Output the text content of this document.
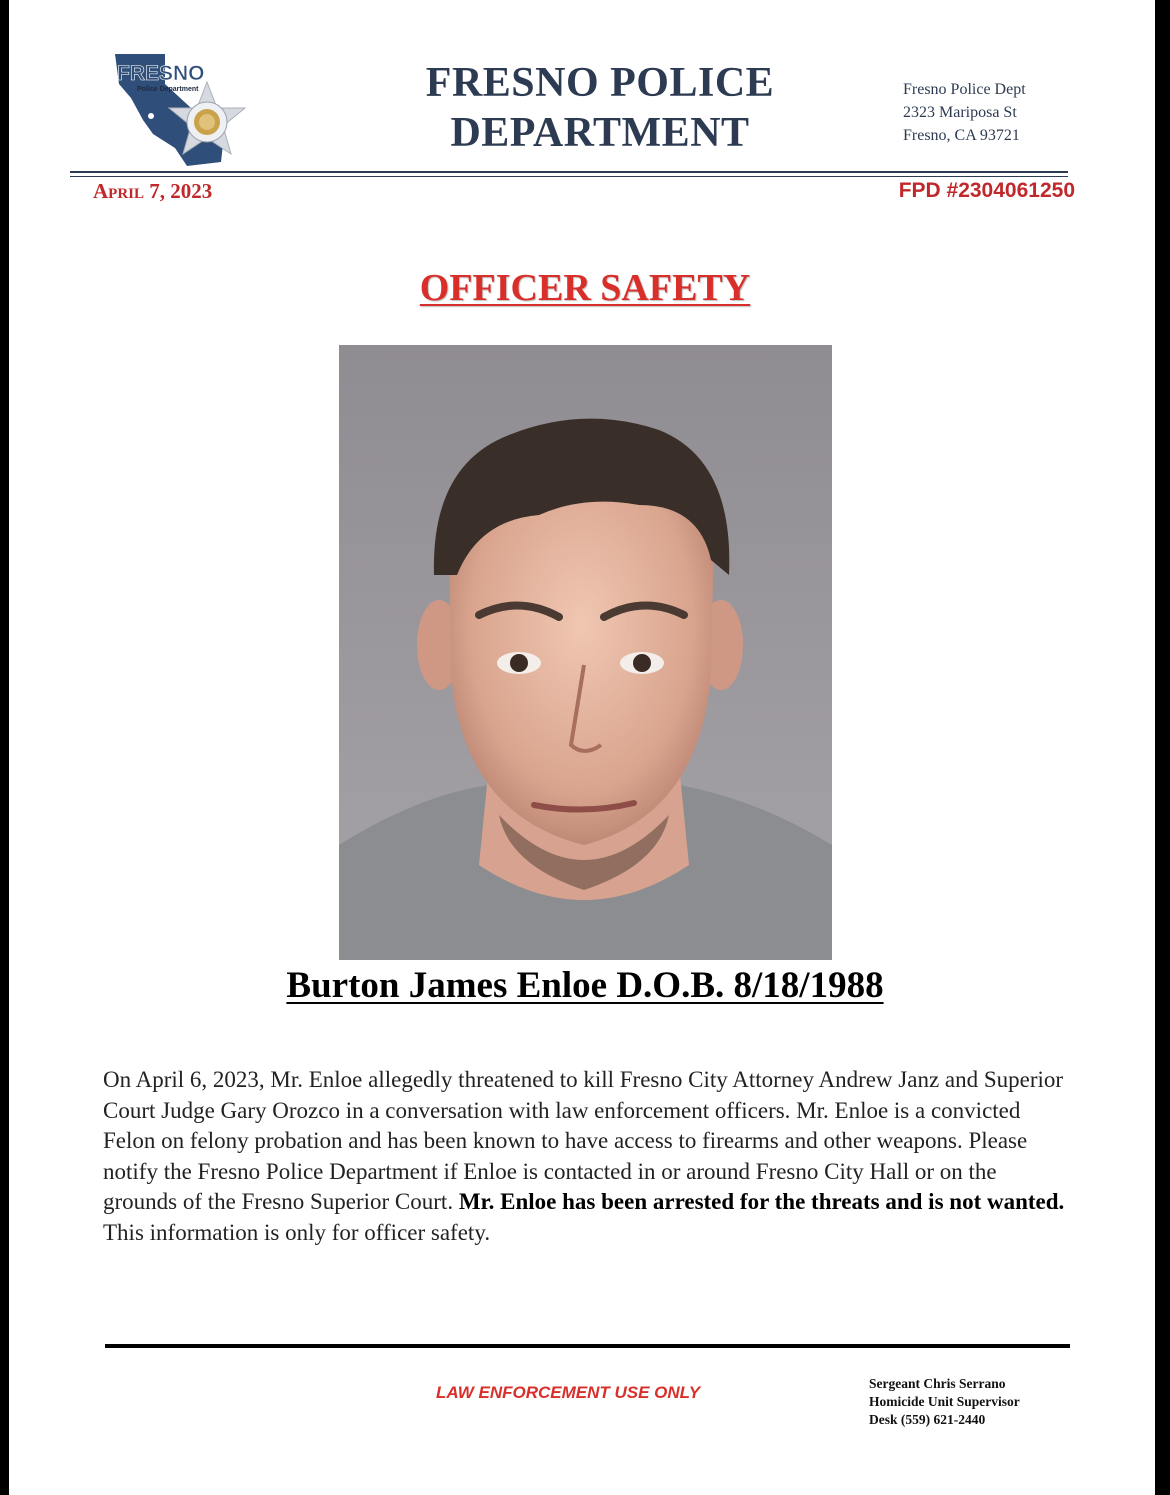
FRESNO
Police Department	FRESNO POLICE
DEPARTMENT
Fresno Police Dept
2323 Mariposa St
Fresno, CA 93721
April 7, 2023	FPD #2304061250
OFFICER SAFETY
Burton James Enloe D.O.B. 8/18/1988
On April 6, 2023, Mr. Enloe allegedly threatened to kill Fresno City Attorney Andrew Janz and Superior Court Judge Gary Orozco in a conversation with law enforcement officers. Mr. Enloe is a convicted Felon on felony probation and has been known to have access to firearms and other weapons. Please notify the Fresno Police Department if Enloe is contacted in or around Fresno City Hall or on the grounds of the Fresno Superior Court. Mr. Enloe has been arrested for the threats and is not wanted. This information is only for officer safety.
LAW ENFORCEMENT USE ONLY	Sergeant Chris Serrano
Homicide Unit Supervisor
Desk (559) 621-2440
